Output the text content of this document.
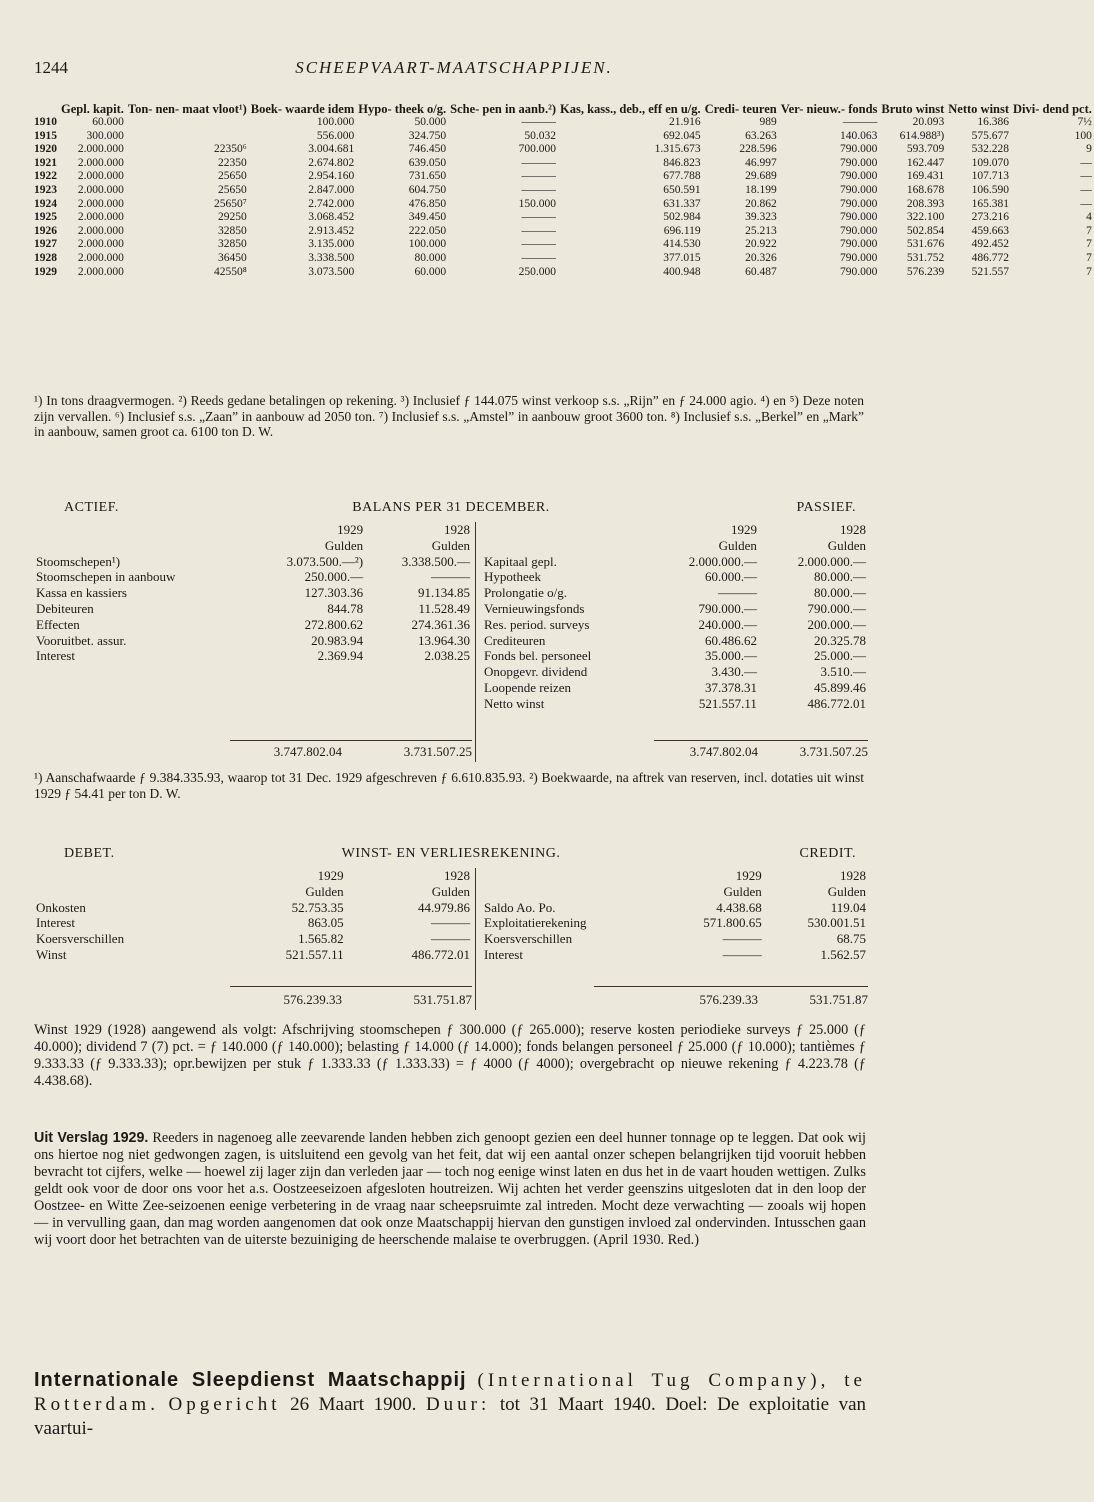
1244	SCHEEPVAART-MAATSCHAPPIJEN.
	Gepl. kapit.	Ton- nen- maat vloot¹)	Boek- waarde idem	Hypo- theek o/g.	Sche- pen in aanb.²)	Kas, kass., deb., eff en u/g.	Credi- teuren	Ver- nieuw.- fonds	Bruto winst	Netto winst	Divi- dend pct.
1910	60.000		100.000	50.000	———	21.916	989	———	20.093	16.386	7½
1915	300.000		556.000	324.750	50.032	692.045	63.263	140.063	614.988³)	575.677	100
1920	2.000.000	22350⁶	3.004.681	746.450	700.000	1.315.673	228.596	790.000	593.709	532.228	9
1921	2.000.000	22350	2.674.802	639.050	———	846.823	46.997	790.000	162.447	109.070	—
1922	2.000.000	25650	2.954.160	731.650	———	677.788	29.689	790.000	169.431	107.713	—
1923	2.000.000	25650	2.847.000	604.750	———	650.591	18.199	790.000	168.678	106.590	—
1924	2.000.000	25650⁷	2.742.000	476.850	150.000	631.337	20.862	790.000	208.393	165.381	—
1925	2.000.000	29250	3.068.452	349.450	———	502.984	39.323	790.000	322.100	273.216	4
1926	2.000.000	32850	2.913.452	222.050	———	696.119	25.213	790.000	502.854	459.663	7
1927	2.000.000	32850	3.135.000	100.000	———	414.530	20.922	790.000	531.676	492.452	7
1928	2.000.000	36450	3.338.500	80.000	———	377.015	20.326	790.000	531.752	486.772	7
1929	2.000.000	42550⁸	3.073.500	60.000	250.000	400.948	60.487	790.000	576.239	521.557	7
¹) In tons draagvermogen. ²) Reeds gedane betalingen op rekening. ³) Inclusief ƒ 144.075 winst verkoop s.s. „Rijn” en ƒ 24.000 agio. ⁴) en ⁵) Deze noten zijn vervallen. ⁶) Inclusief s.s. „Zaan” in aanbouw ad 2050 ton. ⁷) Inclusief s.s. „Amstel” in aanbouw groot 3600 ton. ⁸) Inclusief s.s. „Berkel” en „Mark” in aanbouw, samen groot ca. 6100 ton D. W.
ACTIEF.	BALANS PER 31 DECEMBER.	PASSIEF.
	1929	1928
	Gulden	Gulden
Stoomschepen¹)	3.073.500.—²)	3.338.500.—
Stoomschepen in aanbouw	250.000.—	———
Kassa en kassiers	127.303.36	91.134.85
Debiteuren	844.78	11.528.49
Effecten	272.800.62	274.361.36
Vooruitbet. assur.	20.983.94	13.964.30
Interest	2.369.94	2.038.25
	1929	1928
	Gulden	Gulden
Kapitaal gepl.	2.000.000.—	2.000.000.—
Hypotheek	60.000.—	80.000.—
Prolongatie o/g.	———	80.000.—
Vernieuwingsfonds	790.000.—	790.000.—
Res. period. surveys	240.000.—	200.000.—
Crediteuren	60.486.62	20.325.78
Fonds bel. personeel	35.000.—	25.000.—
Onopgevr. dividend	3.430.—	3.510.—
Loopende reizen	37.378.31	45.899.46
Netto winst	521.557.11	486.772.01
3.747.802.04	3.731.507.25	3.747.802.04	3.731.507.25
¹) Aanschafwaarde ƒ 9.384.335.93, waarop tot 31 Dec. 1929 afgeschreven ƒ 6.610.835.93. ²) Boekwaarde, na aftrek van reserven, incl. dotaties uit winst 1929 ƒ 54.41 per ton D. W.
DEBET.	WINST- EN VERLIESREKENING.	CREDIT.
	1929	1928
	Gulden	Gulden
Onkosten	52.753.35	44.979.86
Interest	863.05	———
Koersverschillen	1.565.82	———
Winst	521.557.11	486.772.01
	1929	1928
	Gulden	Gulden
Saldo Ao. Po.	4.438.68	119.04
Exploitatierekening	571.800.65	530.001.51
Koersverschillen	———	68.75
Interest	———	1.562.57
576.239.33	531.751.87	576.239.33	531.751.87
Winst 1929 (1928) aangewend als volgt: Afschrijving stoomschepen ƒ 300.000 (ƒ 265.000); reserve kosten periodieke surveys ƒ 25.000 (ƒ 40.000); dividend 7 (7) pct. = ƒ 140.000 (ƒ 140.000); belasting ƒ 14.000 (ƒ 14.000); fonds belangen personeel ƒ 25.000 (ƒ 10.000); tantièmes ƒ 9.333.33 (ƒ 9.333.33); opr.bewijzen per stuk ƒ 1.333.33 (ƒ 1.333.33) = ƒ 4000 (ƒ 4000); overgebracht op nieuwe rekening ƒ 4.223.78 (ƒ 4.438.68).
Uit Verslag 1929. Reeders in nagenoeg alle zeevarende landen hebben zich genoopt gezien een deel hunner tonnage op te leggen. Dat ook wij ons hiertoe nog niet gedwongen zagen, is uitsluitend een gevolg van het feit, dat wij een aantal onzer schepen belangrijken tijd vooruit hebben bevracht tot cijfers, welke — hoewel zij lager zijn dan verleden jaar — toch nog eenige winst laten en dus het in de vaart houden wettigen. Zulks geldt ook voor de door ons voor het a.s. Oostzeeseizoen afgesloten houtreizen. Wij achten het verder geenszins uitgesloten dat in den loop der Oostzee- en Witte Zee-seizoenen eenige verbetering in de vraag naar scheepsruimte zal intreden. Mocht deze verwachting — zooals wij hopen — in vervulling gaan, dan mag worden aangenomen dat ook onze Maatschappij hiervan den gunstigen invloed zal ondervinden. Intusschen gaan wij voort door het betrachten van de uiterste bezuiniging de heerschende malaise te overbruggen. (April 1930. Red.)
Internationale Sleepdienst Maatschappij (International Tug Company), te Rotterdam. Opgericht 26 Maart 1900. Duur: tot 31 Maart 1940. Doel: De exploitatie van vaartui-
